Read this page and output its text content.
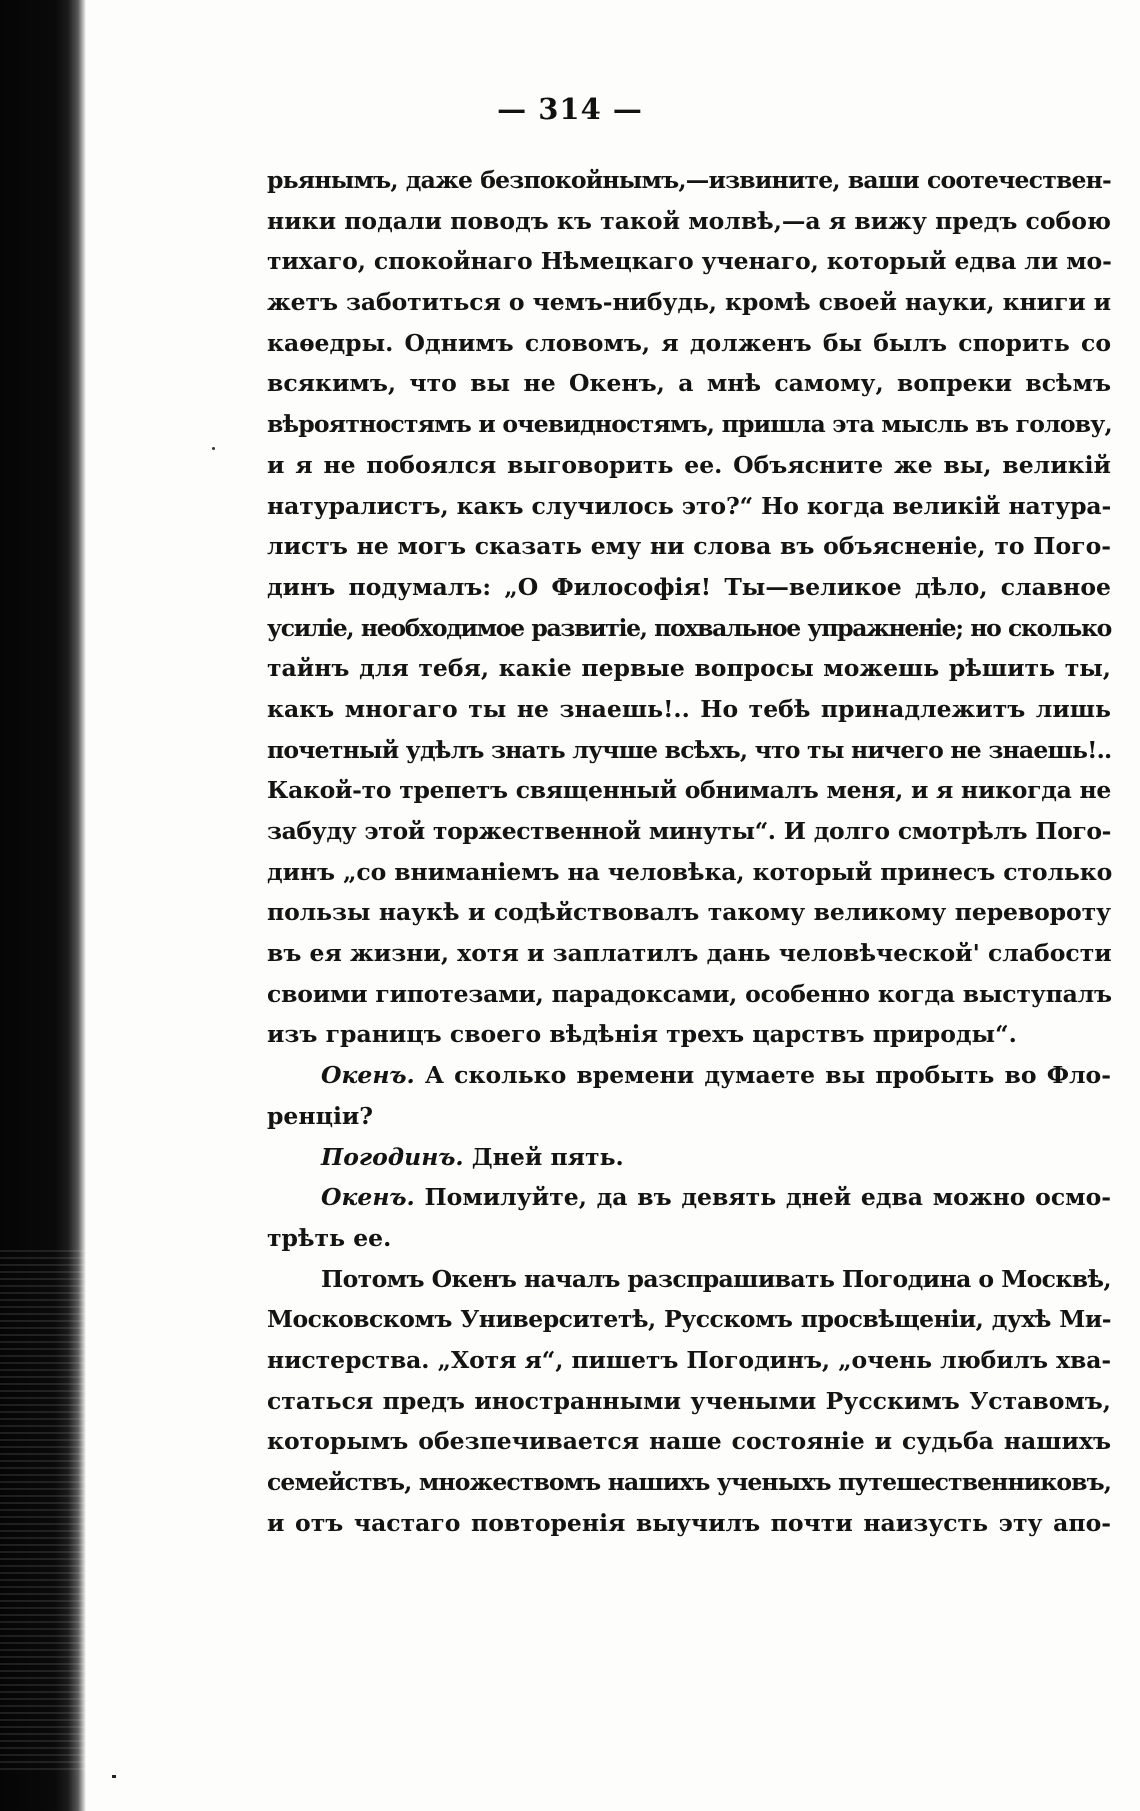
— 314 —
рьянымъ, даже безпокойнымъ,—извините, ваши соотечествен-
ники подали поводъ къ такой молвѣ,—а я вижу предъ собою
тихаго, спокойнаго Нѣмецкаго ученаго, который едва ли мо-
жетъ заботиться о чемъ-нибудь, кромѣ своей науки, книги и
каѳедры. Однимъ словомъ, я долженъ бы былъ спорить со
всякимъ, что вы не Окенъ, а мнѣ самому, вопреки всѣмъ
вѣроятностямъ и очевидностямъ, пришла эта мысль въ голову,
и я не побоялся выговорить ее. Объясните же вы, великій
натуралистъ, какъ случилось это?“ Но когда великій натура-
листъ не могъ сказать ему ни слова въ объясненіе, то Пого-
динъ подумалъ: „О Философія! Ты—великое дѣло, славное
усиліе, необходимое развитіе, похвальное упражненіе; но сколько
тайнъ для тебя, какіе первые вопросы можешь рѣшить ты,
какъ многаго ты не знаешь!.. Но тебѣ принадлежитъ лишь
почетный удѣлъ знать лучше всѣхъ, что ты ничего не знаешь!..
Какой-то трепетъ священный обнималъ меня, и я никогда не
забуду этой торжественной минуты“. И долго смотрѣлъ Пого-
динъ „со вниманіемъ на человѣка, который принесъ столько
пользы наукѣ и содѣйствовалъ такому великому перевороту
въ ея жизни, хотя и заплатилъ дань человѣческой' слабости
своими гипотезами, парадоксами, особенно когда выступалъ
изъ границъ своего вѣдѣнія трехъ царствъ природы“.
Окенъ. А сколько времени думаете вы пробыть во Фло-
ренціи?
Погодинъ. Дней пять.
Окенъ. Помилуйте, да въ девять дней едва можно осмо-
трѣть ее.
Потомъ Окенъ началъ разспрашивать Погодина о Москвѣ,
Московскомъ Университетѣ, Русскомъ просвѣщеніи, духѣ Ми-
нистерства. „Хотя я“, пишетъ Погодинъ, „очень любилъ хва-
статься предъ иностранными учеными Русскимъ Уставомъ,
которымъ обезпечивается наше состояніе и судьба нашихъ
семействъ, множествомъ нашихъ ученыхъ путешественниковъ,
и отъ частаго повторенія выучилъ почти наизусть эту апо-
